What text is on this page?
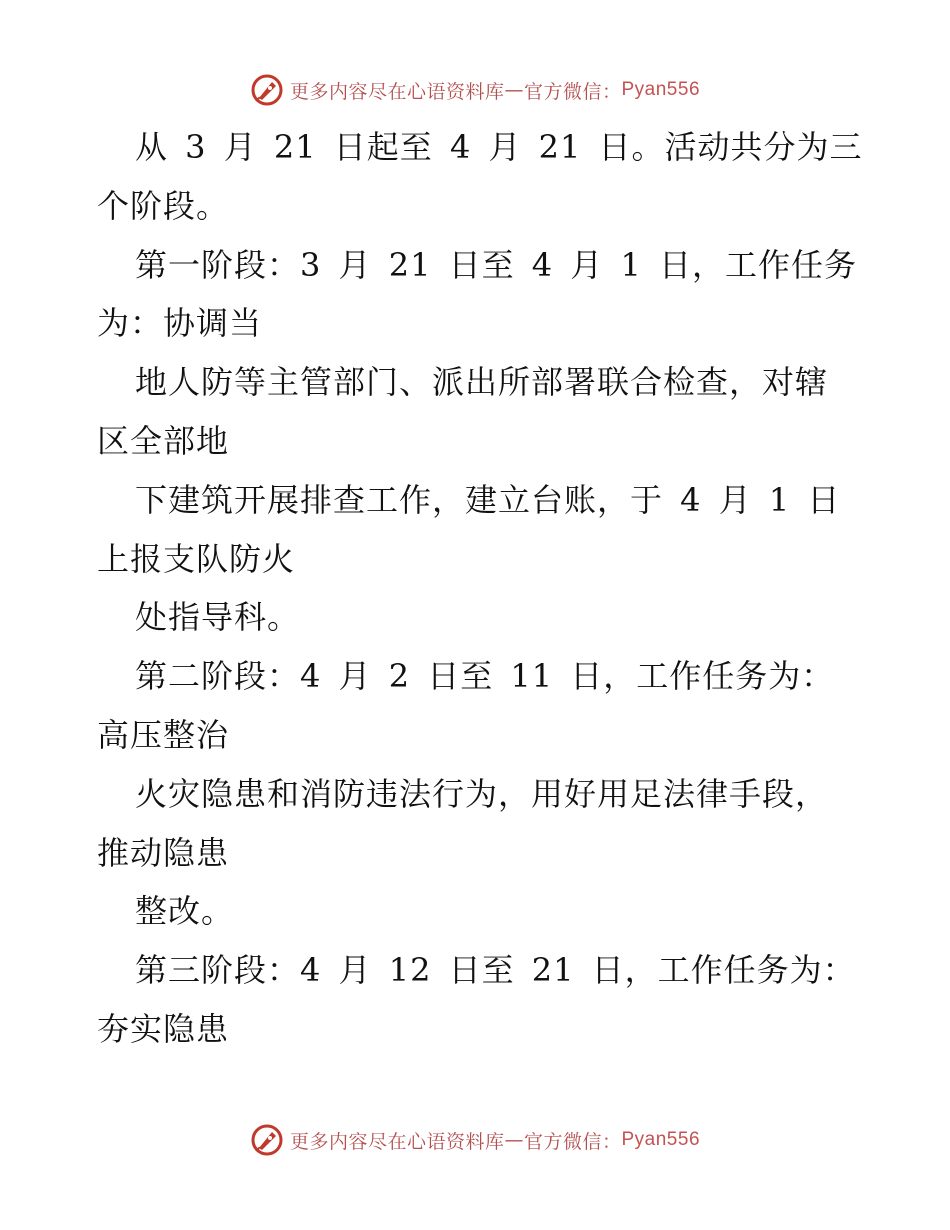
更多内容尽在心语资料库 — 官方微信： Pyan556
从 3 月 21 日起至 4 月 21 日。活动共分为三
个阶段。
第一阶段：3 月 21 日至 4 月 1 日，工作任务
为：协调当
地人防等主管部门、派出所部署联合检查，对辖
区全部地
下建筑开展排查工作，建立台账，于 4 月 1 日
上报支队防火
处指导科。
第二阶段：4 月 2 日至 11 日，工作任务为：
高压整治
火灾隐患和消防违法行为，用好用足法律手段，
推动隐患
整改。
第三阶段：4 月 12 日至 21 日，工作任务为：
夯实隐患
更多内容尽在心语资料库 — 官方微信： Pyan556
